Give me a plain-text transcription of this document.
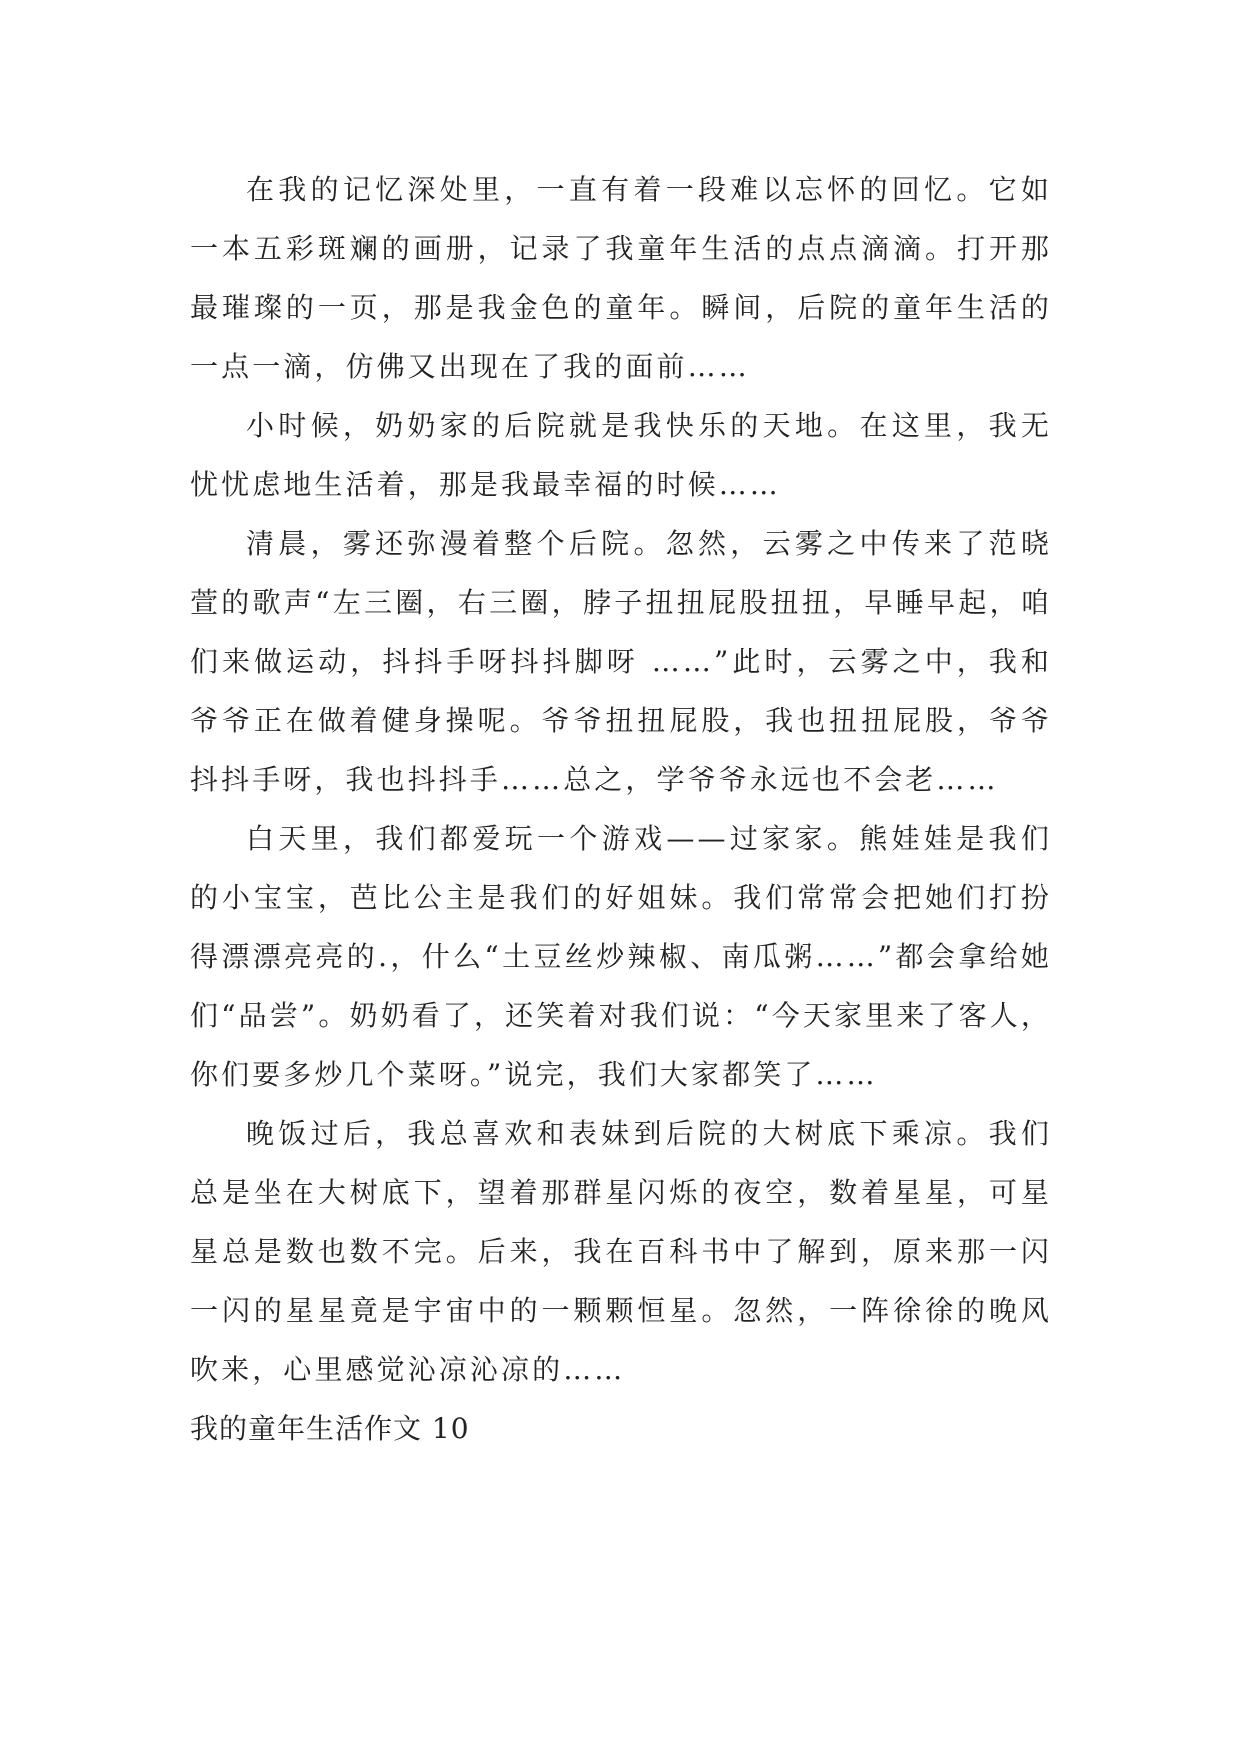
在我的记忆深处里，一直有着一段难以忘怀的回忆。它如一本五彩斑斓的画册，记录了我童年生活的点点滴滴。打开那最璀璨的一页，那是我金色的童年。瞬间，后院的童年生活的一点一滴，仿佛又出现在了我的面前……

小时候，奶奶家的后院就是我快乐的天地。在这里，我无忧忧虑地生活着，那是我最幸福的时候……

清晨，雾还弥漫着整个后院。忽然，云雾之中传来了范晓萱的歌声“左三圈，右三圈，脖子扭扭屁股扭扭，早睡早起，咱们来做运动，抖抖手呀抖抖脚呀 ……”此时，云雾之中，我和爷爷正在做着健身操呢。爷爷扭扭屁股，我也扭扭屁股，爷爷抖抖手呀，我也抖抖手……总之，学爷爷永远也不会老……

白天里，我们都爱玩一个游戏——过家家。熊娃娃是我们的小宝宝，芭比公主是我们的好姐妹。我们常常会把她们打扮得漂漂亮亮的.，什么“土豆丝炒辣椒、南瓜粥……”都会拿给她们“品尝”。奶奶看了，还笑着对我们说：“今天家里来了客人，你们要多炒几个菜呀。”说完，我们大家都笑了……

晚饭过后，我总喜欢和表妹到后院的大树底下乘凉。我们总是坐在大树底下，望着那群星闪烁的夜空，数着星星，可星星总是数也数不完。后来，我在百科书中了解到，原来那一闪一闪的星星竟是宇宙中的一颗颗恒星。忽然，一阵徐徐的晚风吹来，心里感觉沁凉沁凉的……

我的童年生活作文 10
